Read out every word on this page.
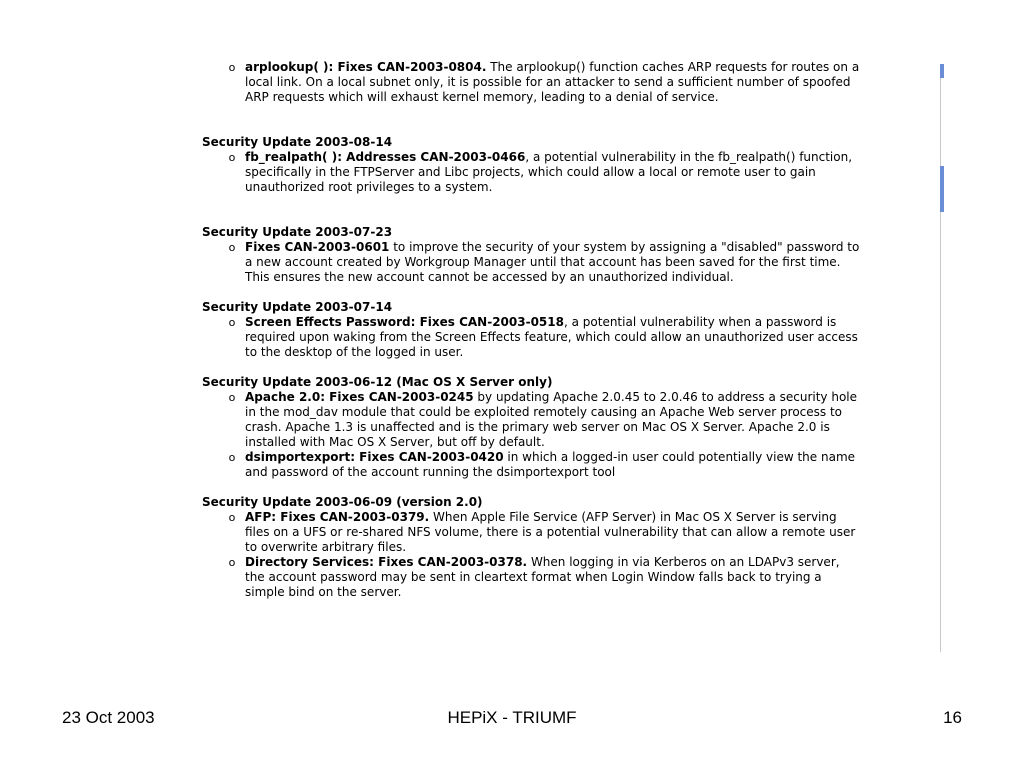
o arplookup( ): Fixes CAN-2003-0804. The arplookup() function caches ARP requests for routes on a local link. On a local subnet only, it is possible for an attacker to send a sufficient number of spoofed ARP requests which will exhaust kernel memory, leading to a denial of service.
Security Update 2003-08-14
o fb_realpath( ): Addresses CAN-2003-0466, a potential vulnerability in the fb_realpath() function, specifically in the FTPServer and Libc projects, which could allow a local or remote user to gain unauthorized root privileges to a system.
Security Update 2003-07-23
o Fixes CAN-2003-0601 to improve the security of your system by assigning a "disabled" password to a new account created by Workgroup Manager until that account has been saved for the first time. This ensures the new account cannot be accessed by an unauthorized individual.
Security Update 2003-07-14
o Screen Effects Password: Fixes CAN-2003-0518, a potential vulnerability when a password is required upon waking from the Screen Effects feature, which could allow an unauthorized user access to the desktop of the logged in user.
Security Update 2003-06-12 (Mac OS X Server only)
o Apache 2.0: Fixes CAN-2003-0245 by updating Apache 2.0.45 to 2.0.46 to address a security hole in the mod_dav module that could be exploited remotely causing an Apache Web server process to crash. Apache 1.3 is unaffected and is the primary web server on Mac OS X Server. Apache 2.0 is installed with Mac OS X Server, but off by default.
o dsimportexport: Fixes CAN-2003-0420 in which a logged-in user could potentially view the name and password of the account running the dsimportexport tool
Security Update 2003-06-09 (version 2.0)
o AFP: Fixes CAN-2003-0379. When Apple File Service (AFP Server) in Mac OS X Server is serving files on a UFS or re-shared NFS volume, there is a potential vulnerability that can allow a remote user to overwrite arbitrary files.
o Directory Services: Fixes CAN-2003-0378. When logging in via Kerberos on an LDAPv3 server, the account password may be sent in cleartext format when Login Window falls back to trying a simple bind on the server.
23 Oct 2003	HEPiX - TRIUMF	16
